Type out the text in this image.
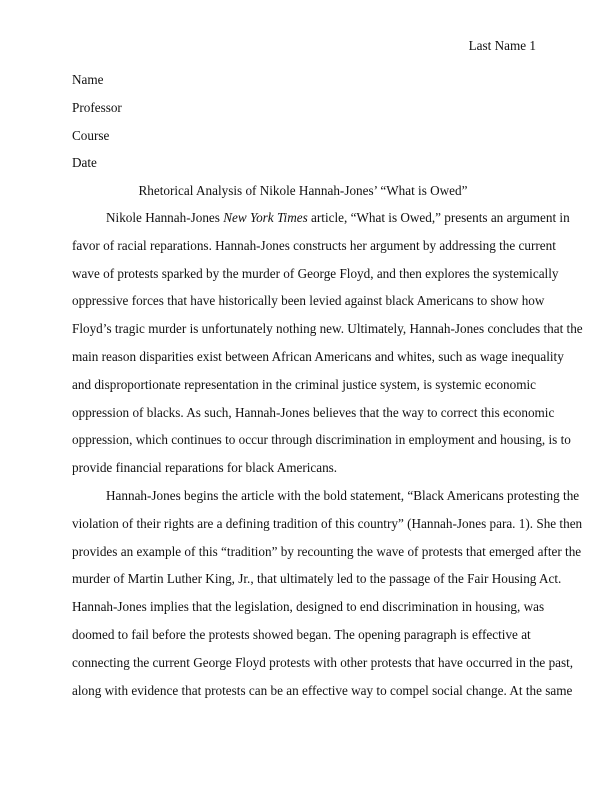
Last Name 1
Name
Professor
Course
Date
Rhetorical Analysis of Nikole Hannah-Jones’ “What is Owed”
Nikole Hannah-Jones New York Times article, “What is Owed,” presents an argument in
favor of racial reparations. Hannah-Jones constructs her argument by addressing the current
wave of protests sparked by the murder of George Floyd, and then explores the systemically
oppressive forces that have historically been levied against black Americans to show how
Floyd’s tragic murder is unfortunately nothing new. Ultimately, Hannah-Jones concludes that the
main reason disparities exist between African Americans and whites, such as wage inequality
and disproportionate representation in the criminal justice system, is systemic economic
oppression of blacks. As such, Hannah-Jones believes that the way to correct this economic
oppression, which continues to occur through discrimination in employment and housing, is to
provide financial reparations for black Americans.
Hannah-Jones begins the article with the bold statement, “Black Americans protesting the
violation of their rights are a defining tradition of this country” (Hannah-Jones para. 1). She then
provides an example of this “tradition” by recounting the wave of protests that emerged after the
murder of Martin Luther King, Jr., that ultimately led to the passage of the Fair Housing Act.
Hannah-Jones implies that the legislation, designed to end discrimination in housing, was
doomed to fail before the protests showed began. The opening paragraph is effective at
connecting the current George Floyd protests with other protests that have occurred in the past,
along with evidence that protests can be an effective way to compel social change. At the same
